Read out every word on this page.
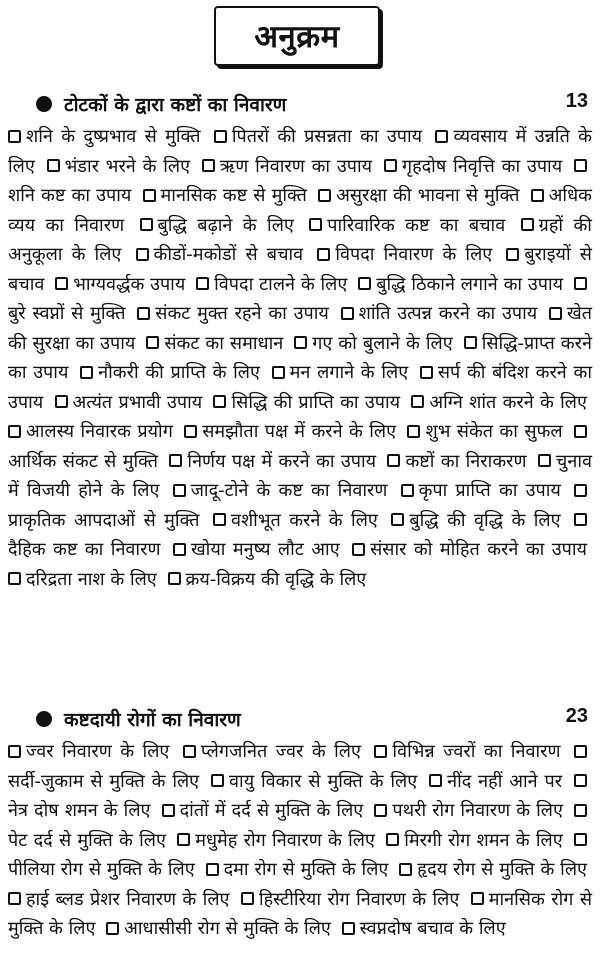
अनुक्रम
टोटकों के द्वारा कष्टों का निवारण	13
शनि के दुष्प्रभाव से मुक्ति पितरों की प्रसन्नता का उपाय व्यवसाय में उन्नति के लिए भंडार भरने के लिए ऋण निवारण का उपाय गृहदोष निवृत्ति का उपाय शनि कष्ट का उपाय मानसिक कष्ट से मुक्ति असुरक्षा की भावना से मुक्ति अधिक व्यय का निवारण बुद्धि बढ़ाने के लिए पारिवारिक कष्ट का बचाव ग्रहों की अनुकूला के लिए कीडों-मकोडों से बचाव विपदा निवारण के लिए बुराइयों से बचाव भाग्यवर्द्धक उपाय विपदा टालने के लिए बुद्धि ठिकाने लगाने का उपाय बुरे स्वप्नों से मुक्ति संकट मुक्त रहने का उपाय शांति उत्पन्न करने का उपाय खेत की सुरक्षा का उपाय संकट का समाधान गए को बुलाने के लिए सिद्धि-प्राप्त करने का उपाय नौकरी की प्राप्ति के लिए मन लगाने के लिए सर्प की बंदिश करने का उपाय अत्यंत प्रभावी उपाय सिद्धि की प्राप्ति का उपाय अग्नि शांत करने के लिए आलस्य निवारक प्रयोग समझौता पक्ष में करने के लिए शुभ संकेत का सुफल आर्थिक संकट से मुक्ति निर्णय पक्ष में करने का उपाय कष्टों का निराकरण चुनाव में विजयी होने के लिए जादू-टोने के कष्ट का निवारण कृपा प्राप्ति का उपाय प्राकृतिक आपदाओं से मुक्ति वशीभूत करने के लिए बुद्धि की वृद्धि के लिए दैहिक कष्ट का निवारण खोया मनुष्य लौट आए संसार को मोहित करने का उपाय दरिद्रता नाश के लिए क्रय-विक्रय की वृद्धि के लिए
कष्टदायी रोगों का निवारण	23
ज्वर निवारण के लिए प्लेगजनित ज्वर के लिए विभिन्न ज्वरों का निवारण सर्दी-जुकाम से मुक्ति के लिए वायु विकार से मुक्ति के लिए नींद नहीं आने पर नेत्र दोष शमन के लिए दांतों में दर्द से मुक्ति के लिए पथरी रोग निवारण के लिए पेट दर्द से मुक्ति के लिए मधुमेह रोग निवारण के लिए मिरगी रोग शमन के लिए पीलिया रोग से मुक्ति के लिए दमा रोग से मुक्ति के लिए हृदय रोग से मुक्ति के लिए हाई ब्लड प्रेशर निवारण के लिए हिस्टीरिया रोग निवारण के लिए मानसिक रोग से मुक्ति के लिए आधासीसी रोग से मुक्ति के लिए स्वप्नदोष बचाव के लिए
